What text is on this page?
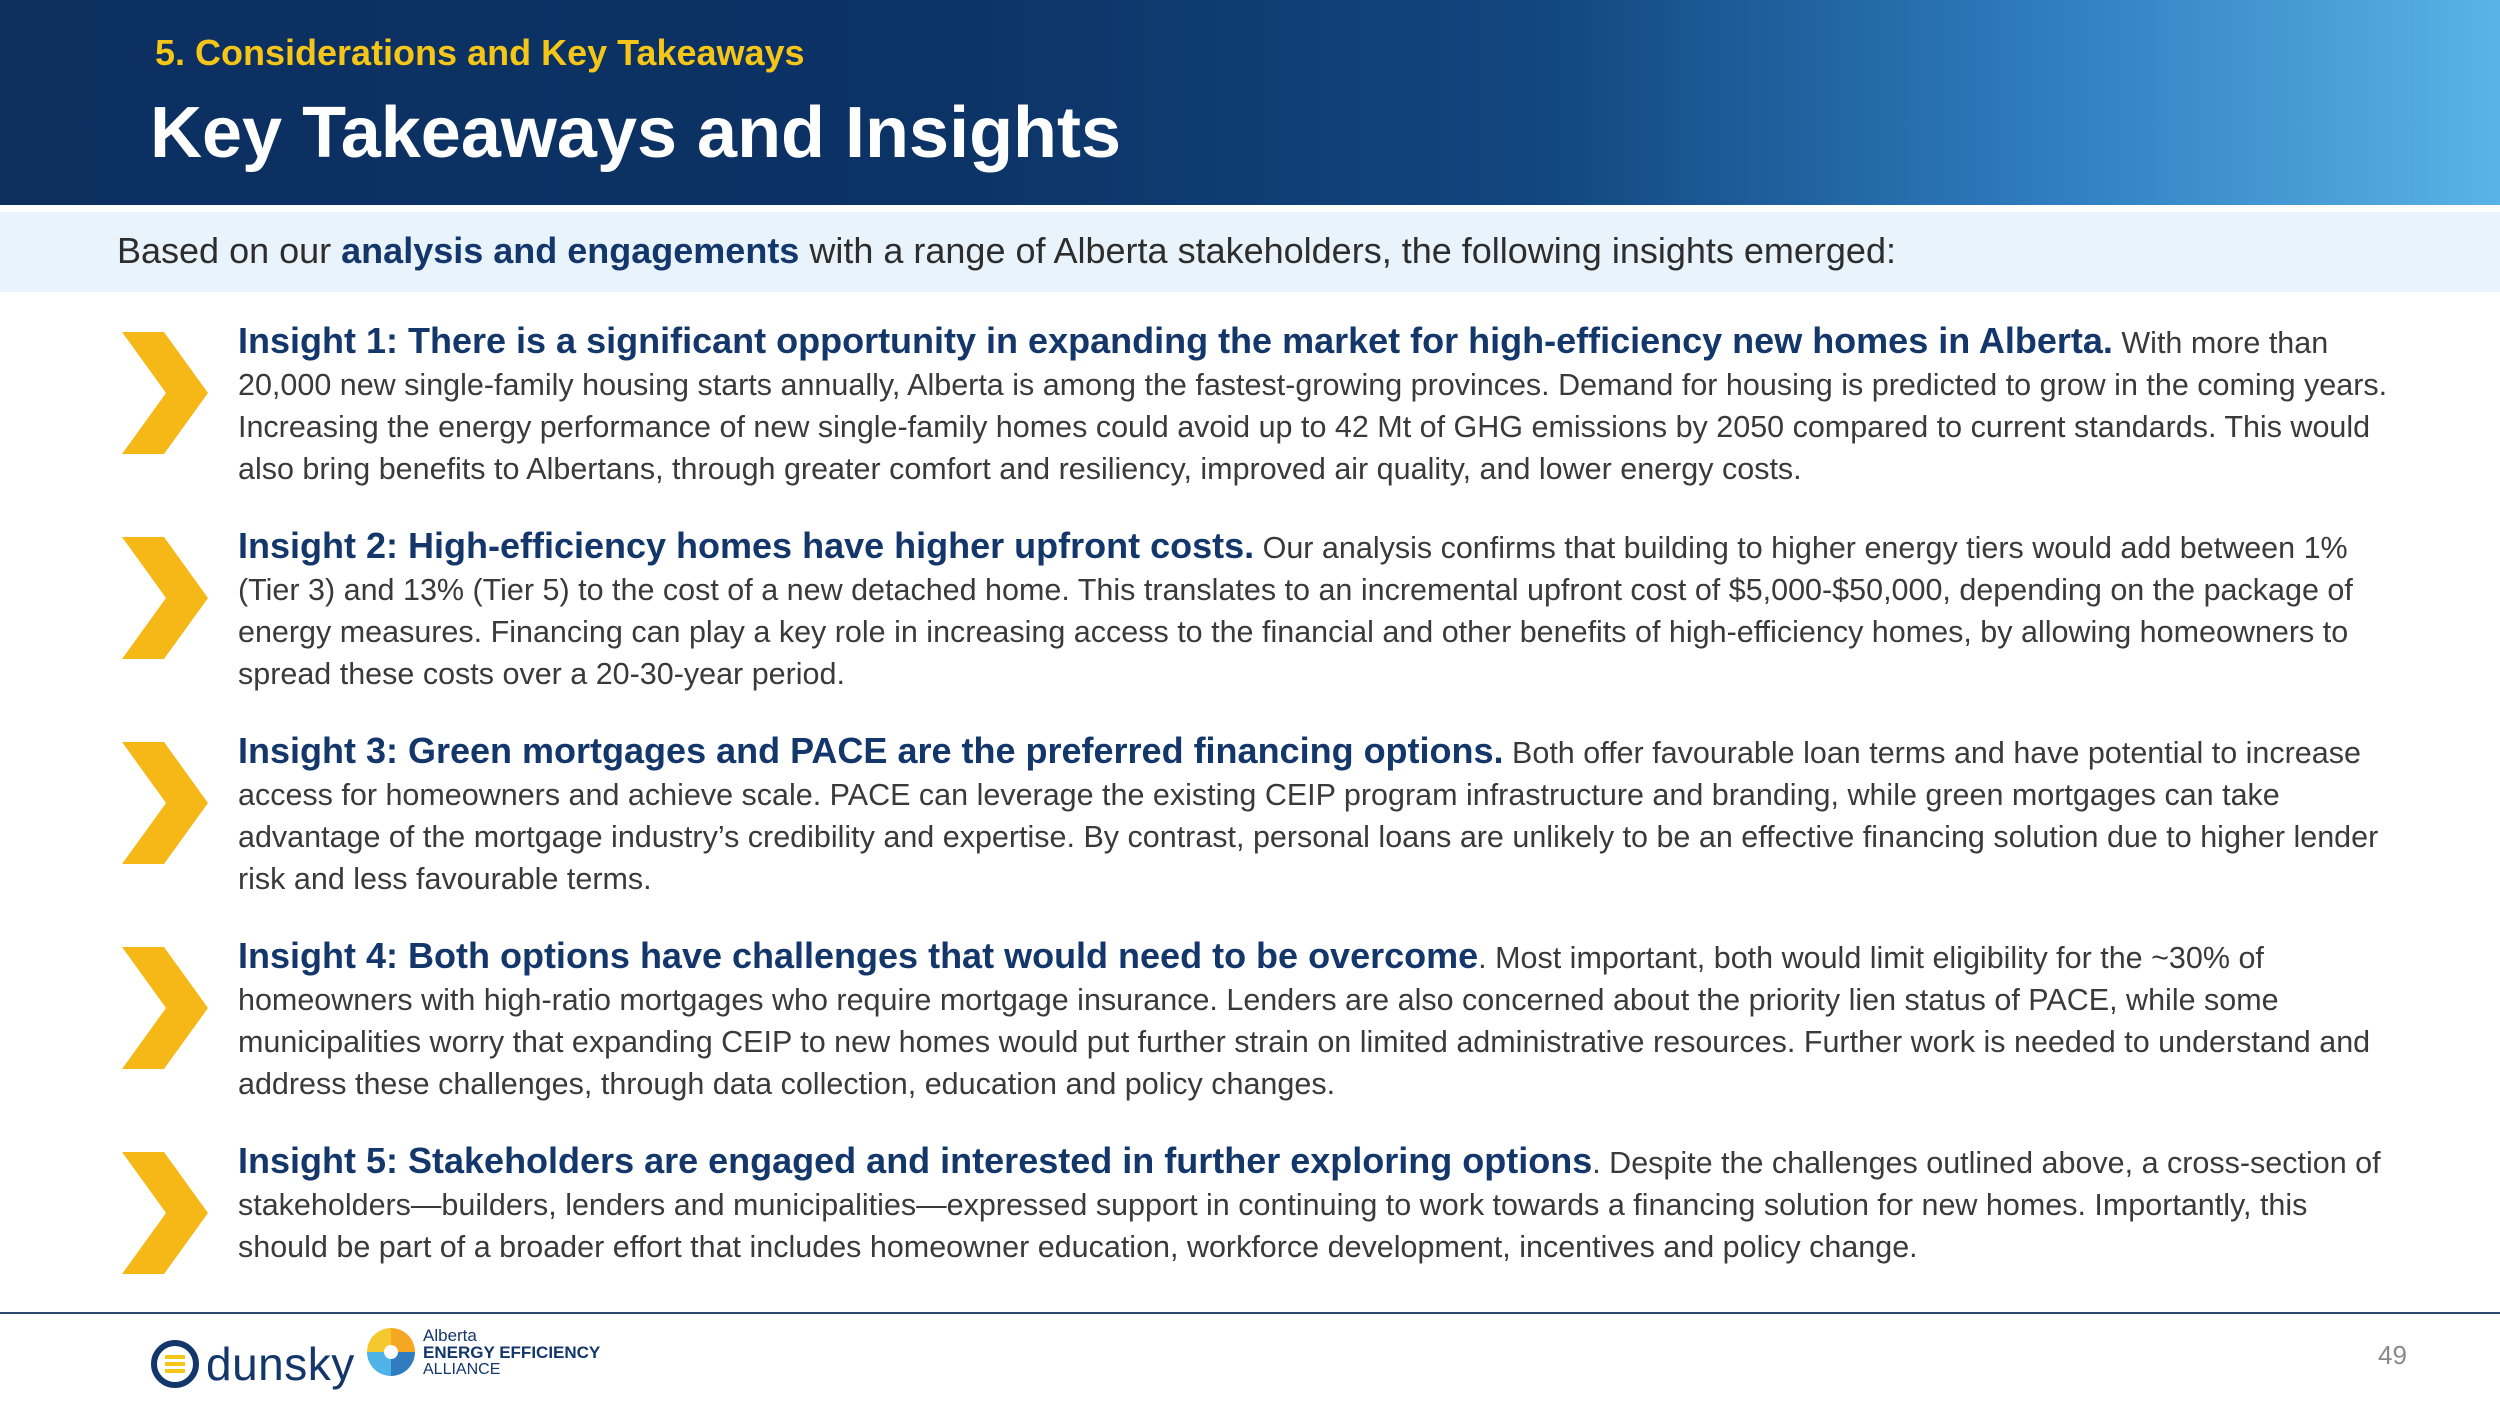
5. Considerations and Key Takeaways
Key Takeaways and Insights
Based on our analysis and engagements with a range of Alberta stakeholders, the following insights emerged:
Insight 1: There is a significant opportunity in expanding the market for high-efficiency new homes in Alberta. With more than 20,000 new single-family housing starts annually, Alberta is among the fastest-growing provinces. Demand for housing is predicted to grow in the coming years. Increasing the energy performance of new single-family homes could avoid up to 42 Mt of GHG emissions by 2050 compared to current standards. This would also bring benefits to Albertans, through greater comfort and resiliency, improved air quality, and lower energy costs.
Insight 2: High-efficiency homes have higher upfront costs. Our analysis confirms that building to higher energy tiers would add between 1% (Tier 3) and 13% (Tier 5) to the cost of a new detached home. This translates to an incremental upfront cost of $5,000-$50,000, depending on the package of energy measures. Financing can play a key role in increasing access to the financial and other benefits of high-efficiency homes, by allowing homeowners to spread these costs over a 20-30-year period.
Insight 3: Green mortgages and PACE are the preferred financing options. Both offer favourable loan terms and have potential to increase access for homeowners and achieve scale. PACE can leverage the existing CEIP program infrastructure and branding, while green mortgages can take advantage of the mortgage industry’s credibility and expertise. By contrast, personal loans are unlikely to be an effective financing solution due to higher lender risk and less favourable terms.
Insight 4: Both options have challenges that would need to be overcome. Most important, both would limit eligibility for the ~30% of homeowners with high-ratio mortgages who require mortgage insurance. Lenders are also concerned about the priority lien status of PACE, while some municipalities worry that expanding CEIP to new homes would put further strain on limited administrative resources. Further work is needed to understand and address these challenges, through data collection, education and policy changes.
Insight 5: Stakeholders are engaged and interested in further exploring options. Despite the challenges outlined above, a cross-section of stakeholders—builders, lenders and municipalities—expressed support in continuing to work towards a financing solution for new homes. Importantly, this should be part of a broader effort that includes homeowner education, workforce development, incentives and policy change.
dunsky
Alberta
ENERGY EFFICIENCY
ALLIANCE	49
